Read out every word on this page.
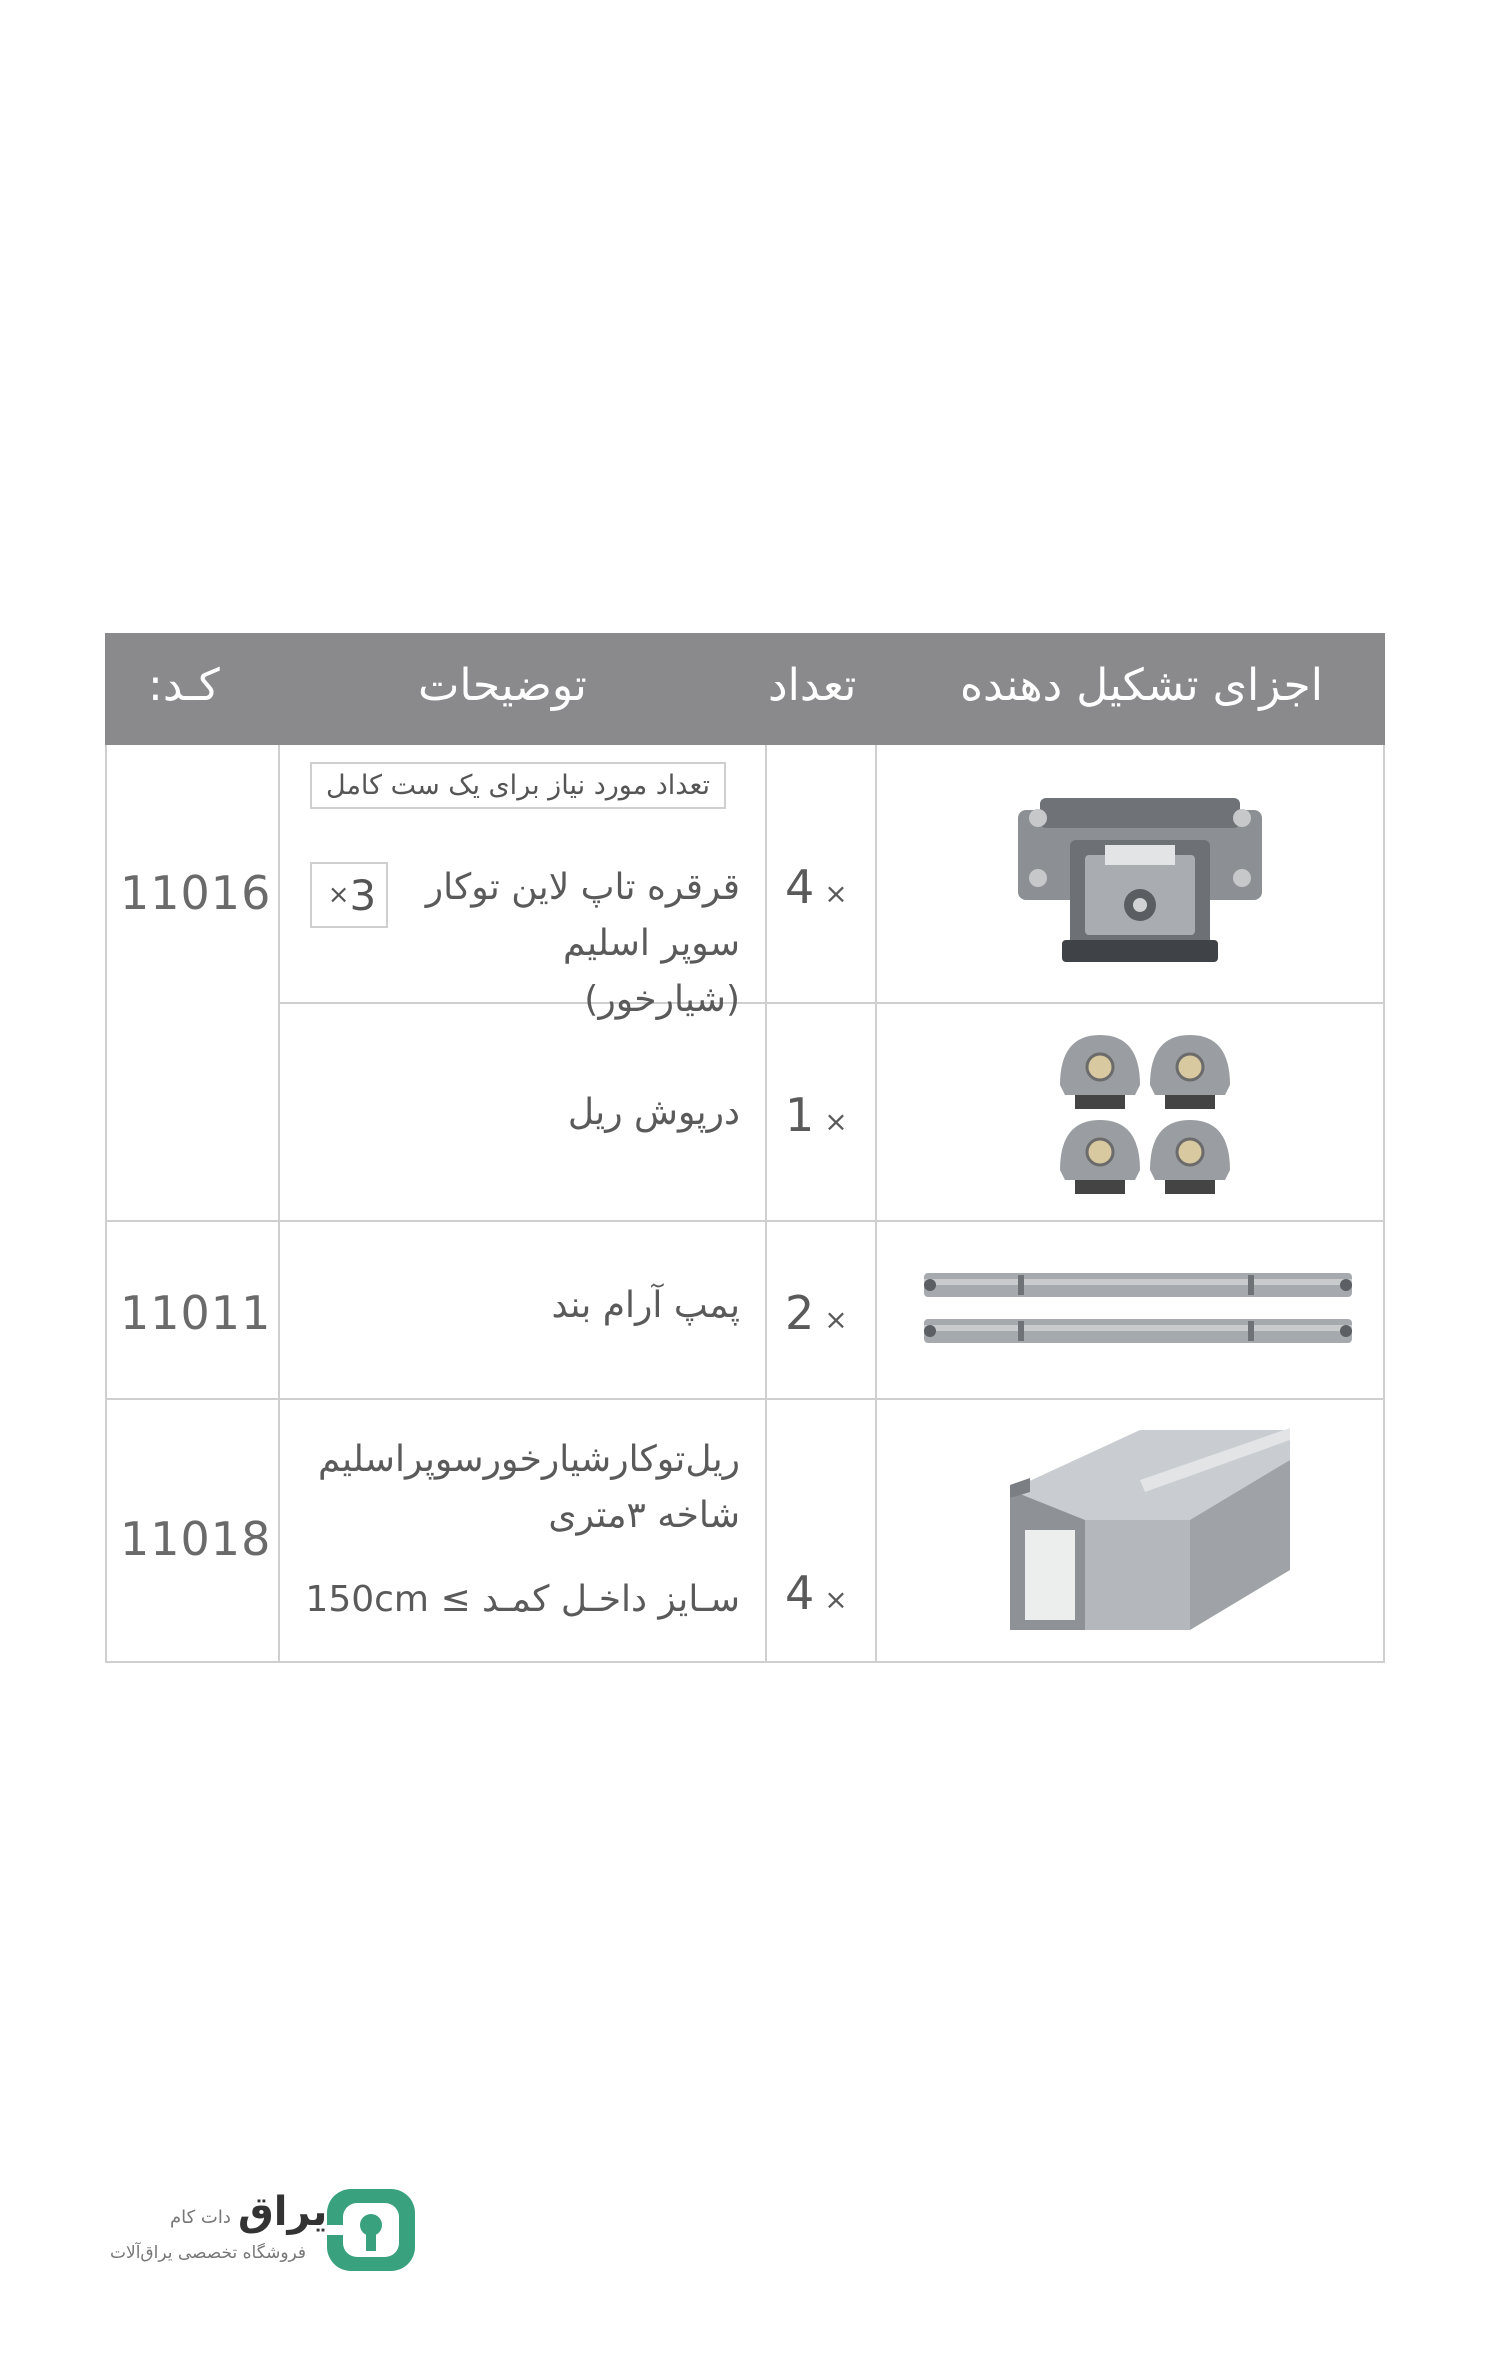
اجزای تشکیل دهنده
تعداد
توضیحات
کـد:
تعداد مورد نیاز برای یک ست کامل
× 3	قرقره تاپ لاین توکار
سوپر اسلیم (شیارخور)
4 ×
11016
درپوش ریل 1 ×
پمپ آرام بند 2 ×
11011
ریل‌توکارشیارخورسوپراسلیم
شاخه ۳متری
سـایز داخـل کمـد ≥ 150cm 4 ×
11018
یراق
دات کام
فروشگاه تخصصی یراق‌آلات
